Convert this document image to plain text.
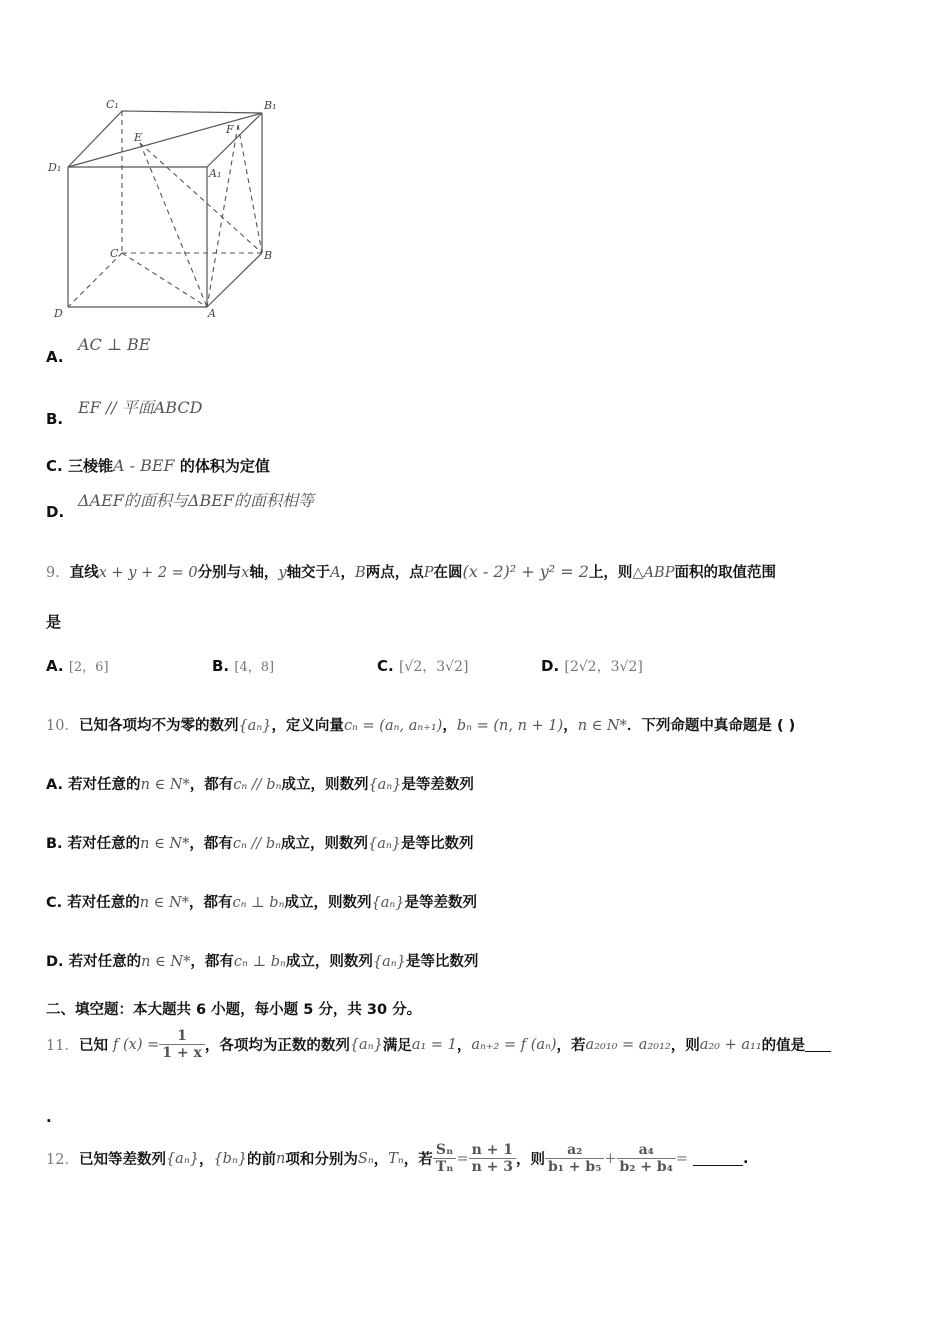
C₁	B₁
D₁	A₁
E
F
C	B
D	A
A.
AC ⊥ BE
B.
EF // 平面ABCD
C. 三棱锥A - BEF 的体积为定值
D.
ΔAEF的面积与ΔBEF的面积相等
9．直线x + y + 2 = 0分别与x轴，y轴交于A，B两点，点P在圆(x - 2)² + y² = 2上，则△ABP面积的取值范围
是
A. [2，6]	B. [4，8]	C. [√2，3√2]	D. [2√2，3√2]
10．已知各项均不为零的数列{aₙ}，定义向量cₙ = (aₙ, aₙ₊₁)，bₙ = (n, n + 1)，n ∈ N*．下列命题中真命题是 ( )
A. 若对任意的n ∈ N*，都有cₙ // bₙ成立，则数列{aₙ}是等差数列
B. 若对任意的n ∈ N*，都有cₙ // bₙ成立，则数列{aₙ}是等比数列
C. 若对任意的n ∈ N*，都有cₙ ⊥ bₙ成立，则数列{aₙ}是等差数列
D. 若对任意的n ∈ N*，都有cₙ ⊥ bₙ成立，则数列{aₙ}是等比数列
二、填空题：本大题共 6 小题，每小题 5 分，共 30 分。
11． 已知
f $(x) = \frac{1}{1 + x}$ ，各项均为正数的数列 {aₙ} 满足 a₁ = 1 ， aₙ₊₂ = f (aₙ) ，若 a₂₀₁₀ = a₂₀₁₂ ，则 a₂₀ + a₁₁ 的值是
.
12． 已知等差数列 {aₙ} ， {bₙ} 的前 n 项和分别为 Sₙ ， Tₙ ，若 $\frac{\text{Sₙ}}{\text{Tₙ}} = \frac{n + 1}{n + 3}$ ，则 $\frac{\text{a₂}}{\text{b₁ + b₅}} + \frac{\text{a₄}}{\text{b₂ + b₄}}$ =
	.
